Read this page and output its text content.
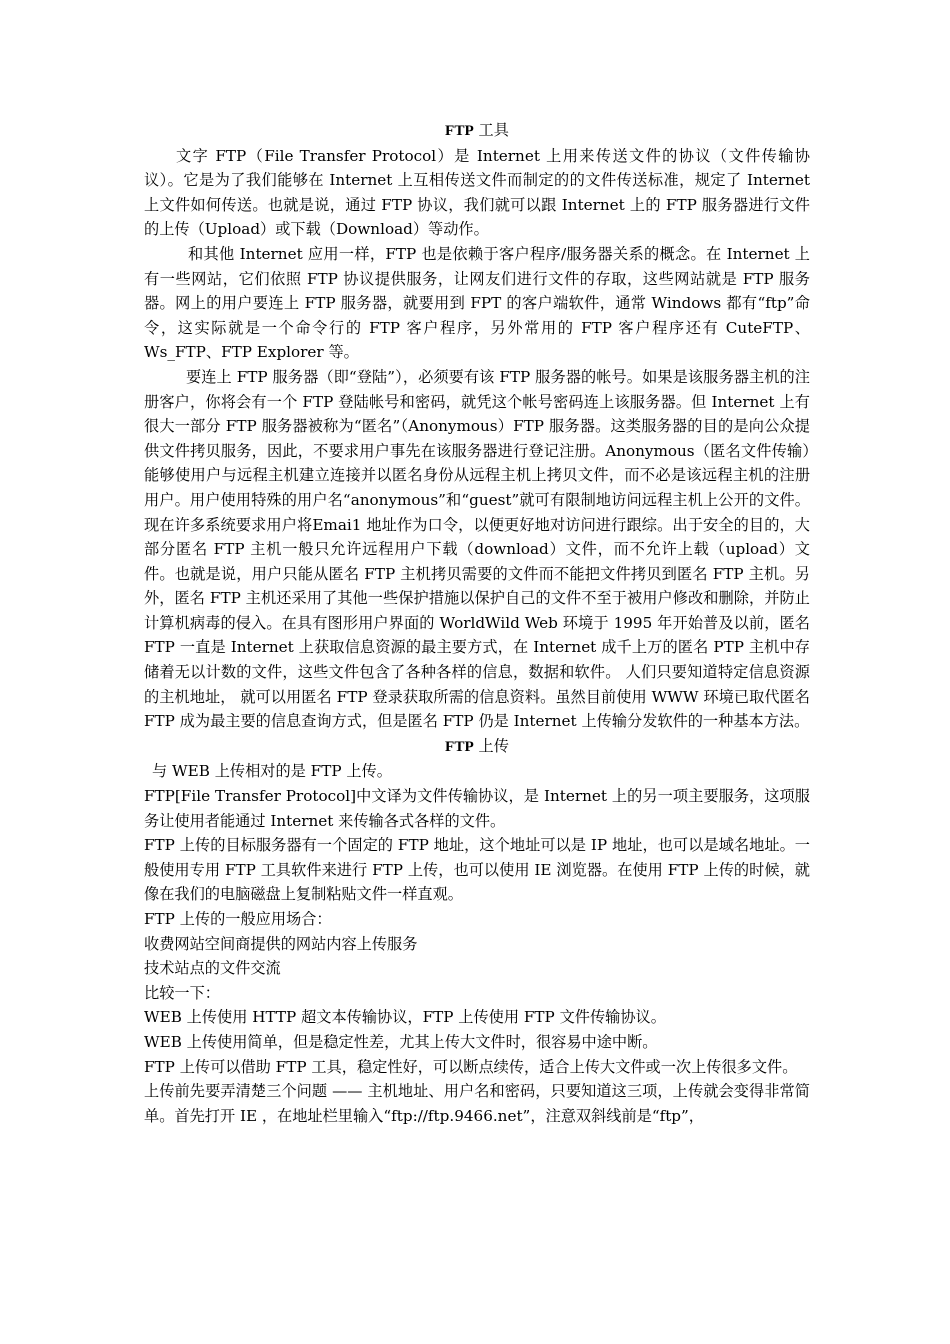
FTP 工具

文字 FTP（File Transfer Protocol）是 Internet 上用来传送文件的协议（文件传输协议）。它是为了我们能够在 Internet 上互相传送文件而制定的的文件传送标准，规定了 Internet 上文件如何传送。也就是说，通过 FTP 协议，我们就可以跟 Internet 上的 FTP 服务器进行文件的上传（Upload）或下载（Download）等动作。

和其他 Internet 应用一样，FTP 也是依赖于客户程序/服务器关系的概念。在 Internet 上有一些网站，它们依照 FTP 协议提供服务，让网友们进行文件的存取，这些网站就是 FTP 服务器。网上的用户要连上 FTP 服务器，就要用到 FPT 的客户端软件，通常 Windows 都有“ftp”命令，这实际就是一个命令行的 FTP 客户程序，另外常用的 FTP 客户程序还有 CuteFTP、Ws_FTP、FTP Explorer 等。

要连上 FTP 服务器（即“登陆”），必须要有该 FTP 服务器的帐号。如果是该服务器主机的注册客户，你将会有一个 FTP 登陆帐号和密码，就凭这个帐号密码连上该服务器。但 Internet 上有很大一部分 FTP 服务器被称为“匿名”（Anonymous）FTP 服务器。这类服务器的目的是向公众提供文件拷贝服务，因此，不要求用户事先在该服务器进行登记注册。Anonymous（匿名文件传输）能够使用户与远程主机建立连接并以匿名身份从远程主机上拷贝文件，而不必是该远程主机的注册用户。用户使用特殊的用户名“anonymous”和“guest”就可有限制地访问远程主机上公开的文件。现在许多系统要求用户将Emai1 地址作为口令，以便更好地对访问进行跟综。出于安全的目的，大部分匿名 FTP 主机一般只允许远程用户下载（download）文件，而不允许上载（upload）文件。也就是说，用户只能从匿名 FTP 主机拷贝需要的文件而不能把文件拷贝到匿名 FTP 主机。另外，匿名 FTP 主机还采用了其他一些保护措施以保护自己的文件不至于被用户修改和删除，并防止计算机病毒的侵入。在具有图形用户界面的 WorldWild Web 环境于 1995 年开始普及以前，匿名 FTP 一直是 Internet 上获取信息资源的最主要方式，在 Internet 成千上万的匿名 PTP 主机中存储着无以计数的文件，这些文件包含了各种各样的信息，数据和软件。 人们只要知道特定信息资源的主机地址， 就可以用匿名 FTP 登录获取所需的信息资料。虽然目前使用 WWW 环境已取代匿名 FTP 成为最主要的信息查询方式，但是匿名 FTP 仍是 Internet 上传输分发软件的一种基本方法。

FTP 上传

与 WEB 上传相对的是 FTP 上传。

FTP[File Transfer Protocol]中文译为文件传输协议，是 Internet 上的另一项主要服务，这项服务让使用者能通过 Internet 来传输各式各样的文件。

FTP 上传的目标服务器有一个固定的 FTP 地址，这个地址可以是 IP 地址，也可以是域名地址。一般使用专用 FTP 工具软件来进行 FTP 上传，也可以使用 IE 浏览器。在使用 FTP 上传的时候，就像在我们的电脑磁盘上复制粘贴文件一样直观。

FTP 上传的一般应用场合：

收费网站空间商提供的网站内容上传服务

技术站点的文件交流

比较一下：

WEB 上传使用 HTTP 超文本传输协议，FTP 上传使用 FTP 文件传输协议。

WEB 上传使用简单，但是稳定性差，尤其上传大文件时，很容易中途中断。

FTP 上传可以借助 FTP 工具，稳定性好，可以断点续传，适合上传大文件或一次上传很多文件。

上传前先要弄清楚三个问题 —— 主机地址、用户名和密码，只要知道这三项，上传就会变得非常简单。首先打开 IE ，在地址栏里输入“ftp://ftp.9466.net”，注意双斜线前是“ftp”，
